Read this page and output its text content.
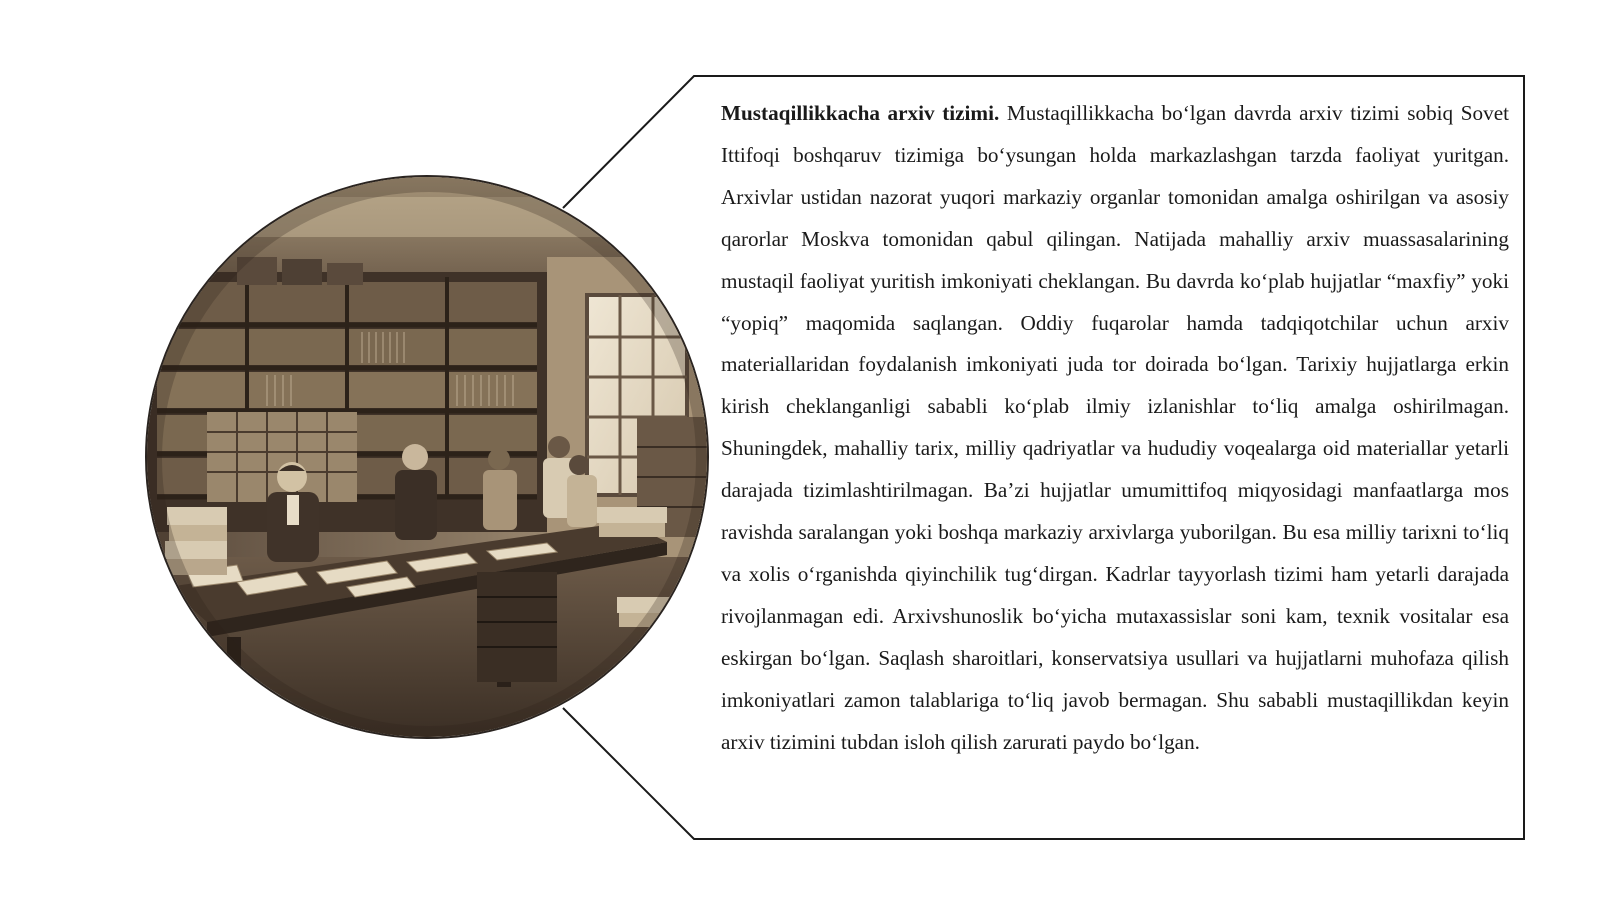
Mustaqillikkacha arxiv tizimi. Mustaqillikkacha bo‘lgan davrda arxiv tizimi sobiq Sovet Ittifoqi boshqaruv tizimiga bo‘ysungan holda markazlashgan tarzda faoliyat yuritgan. Arxivlar ustidan nazorat yuqori markaziy organlar tomonidan amalga oshirilgan va asosiy qarorlar Moskva tomonidan qabul qilingan. Natijada mahalliy arxiv muassasalarining mustaqil faoliyat yuritish imkoniyati cheklangan. Bu davrda ko‘plab hujjatlar “maxfiy” yoki “yopiq” maqomida saqlangan. Oddiy fuqarolar hamda tadqiqotchilar uchun arxiv materiallaridan foydalanish imkoniyati juda tor doirada bo‘lgan. Tarixiy hujjatlarga erkin kirish cheklanganligi sababli ko‘plab ilmiy izlanishlar to‘liq amalga oshirilmagan. Shuningdek, mahalliy tarix, milliy qadriyatlar va hududiy voqealarga oid materiallar yetarli darajada tizimlashtirilmagan. Ba’zi hujjatlar umumittifoq miqyosidagi manfaatlarga mos ravishda saralangan yoki boshqa markaziy arxivlarga yuborilgan. Bu esa milliy tarixni to‘liq va xolis o‘rganishda qiyinchilik tug‘dirgan. Kadrlar tayyorlash tizimi ham yetarli darajada rivojlanmagan edi. Arxivshunoslik bo‘yicha mutaxassislar soni kam, texnik vositalar esa eskirgan bo‘lgan. Saqlash sharoitlari, konservatsiya usullari va hujjatlarni muhofaza qilish imkoniyatlari zamon talablariga to‘liq javob bermagan. Shu sababli mustaqillikdan keyin arxiv tizimini tubdan isloh qilish zarurati paydo bo‘lgan.
